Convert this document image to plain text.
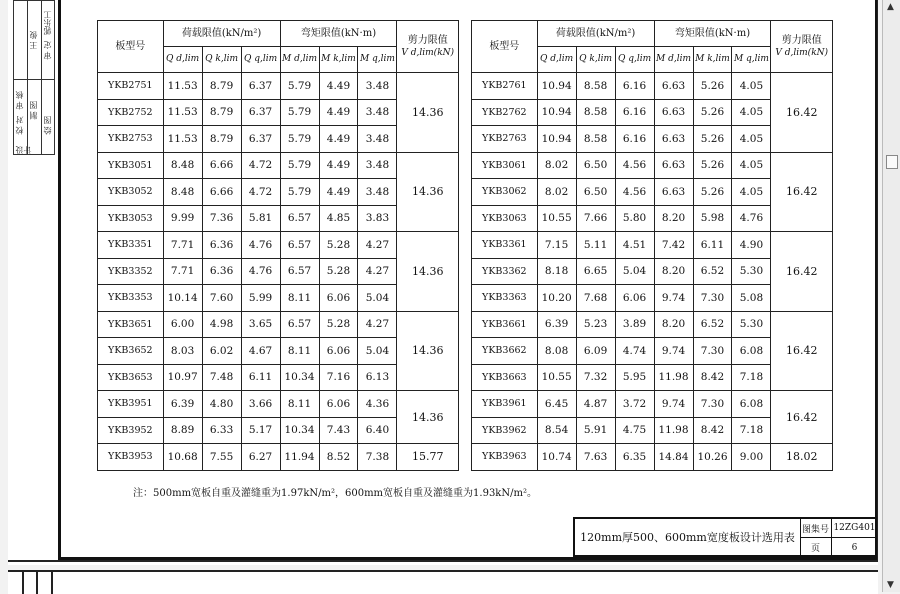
审 核
校 对
设 计
王 俊
郭乐工
制 图
审 定
绘 图
板型号	荷载限值(kN/m²)			弯矩限值(kN·m)			剪力限值
V d,lim(kN)
	Q d,lim	Q k,lim	Q q,lim	M d,lim	M k,lim	M q,lim	
YKB2751	11.53	8.79	6.37	5.79	4.49	3.48	14.36
YKB2752	11.53	8.79	6.37	5.79	4.49	3.48	
YKB2753	11.53	8.79	6.37	5.79	4.49	3.48	
YKB3051	8.48	6.66	4.72	5.79	4.49	3.48	14.36
YKB3052	8.48	6.66	4.72	5.79	4.49	3.48	
YKB3053	9.99	7.36	5.81	6.57	4.85	3.83	
YKB3351	7.71	6.36	4.76	6.57	5.28	4.27	14.36
YKB3352	7.71	6.36	4.76	6.57	5.28	4.27	
YKB3353	10.14	7.60	5.99	8.11	6.06	5.04	
YKB3651	6.00	4.98	3.65	6.57	5.28	4.27	14.36
YKB3652	8.03	6.02	4.67	8.11	6.06	5.04	
YKB3653	10.97	7.48	6.11	10.34	7.16	6.13	
YKB3951	6.39	4.80	3.66	8.11	6.06	4.36	14.36
YKB3952	8.89	6.33	5.17	10.34	7.43	6.40	
YKB3953	10.68	7.55	6.27	11.94	8.52	7.38	15.77
板型号	荷载限值(kN/m²)			弯矩限值(kN·m)			剪力限值
V d,lim(kN)
	Q d,lim	Q k,lim	Q q,lim	M d,lim	M k,lim	M q,lim	
YKB2761	10.94	8.58	6.16	6.63	5.26	4.05	16.42
YKB2762	10.94	8.58	6.16	6.63	5.26	4.05	
YKB2763	10.94	8.58	6.16	6.63	5.26	4.05	
YKB3061	8.02	6.50	4.56	6.63	5.26	4.05	16.42
YKB3062	8.02	6.50	4.56	6.63	5.26	4.05	
YKB3063	10.55	7.66	5.80	8.20	5.98	4.76	
YKB3361	7.15	5.11	4.51	7.42	6.11	4.90	16.42
YKB3362	8.18	6.65	5.04	8.20	6.52	5.30	
YKB3363	10.20	7.68	6.06	9.74	7.30	5.08	
YKB3661	6.39	5.23	3.89	8.20	6.52	5.30	16.42
YKB3662	8.08	6.09	4.74	9.74	7.30	6.08	
YKB3663	10.55	7.32	5.95	11.98	8.42	7.18	
YKB3961	6.45	4.87	3.72	9.74	7.30	6.08	16.42
YKB3962	8.54	5.91	4.75	11.98	8.42	7.18	
YKB3963	10.74	7.63	6.35	14.84	10.26	9.00	18.02
注：500mm宽板自重及灌缝重为1.97kN/m²，600mm宽板自重及灌缝重为1.93kN/m²。
120mm厚500、600mm宽度板设计选用表
图集号 12ZG401
页	6
▲
▼
